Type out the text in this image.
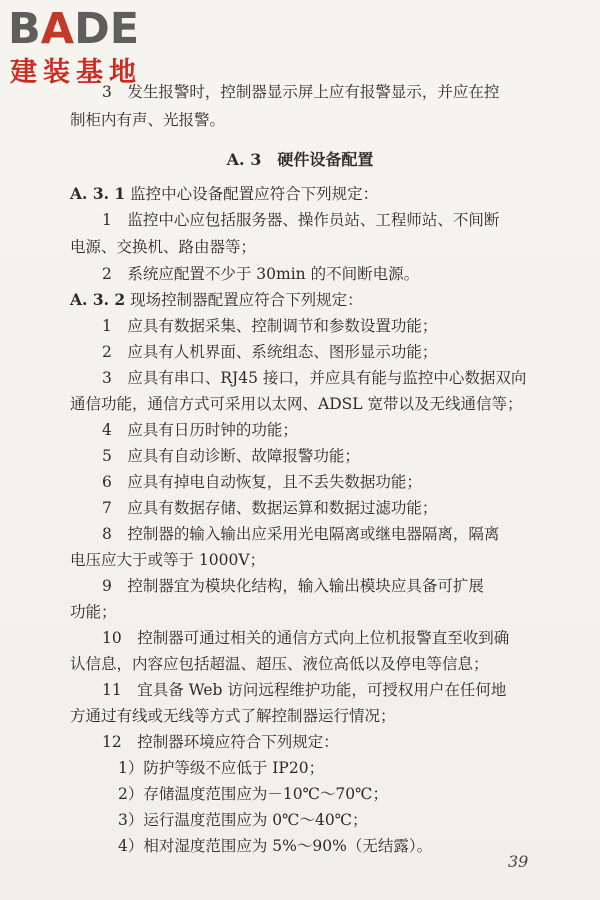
BADE
建装基地
3　发生报警时，控制器显示屏上应有报警显示，并应在控
制柜内有声、光报警。
A. 3　硬件设备配置
A. 3. 1 监控中心设备配置应符合下列规定：
1　监控中心应包括服务器、操作员站、工程师站、不间断
电源、交换机、路由器等；
2　系统应配置不少于 30min 的不间断电源。
A. 3. 2 现场控制器配置应符合下列规定：
1　应具有数据采集、控制调节和参数设置功能；
2　应具有人机界面、系统组态、图形显示功能；
3　应具有串口、RJ45 接口，并应具有能与监控中心数据双向
通信功能，通信方式可采用以太网、ADSL 宽带以及无线通信等；
4　应具有日历时钟的功能；
5　应具有自动诊断、故障报警功能；
6　应具有掉电自动恢复，且不丢失数据功能；
7　应具有数据存储、数据运算和数据过滤功能；
8　控制器的输入输出应采用光电隔离或继电器隔离，隔离
电压应大于或等于 1000V；
9　控制器宜为模块化结构，输入输出模块应具备可扩展
功能；
10　控制器可通过相关的通信方式向上位机报警直至收到确
认信息，内容应包括超温、超压、液位高低以及停电等信息；
11　宜具备 Web 访问远程维护功能，可授权用户在任何地
方通过有线或无线等方式了解控制器运行情况；
12　控制器环境应符合下列规定：
1）防护等级不应低于 IP20；
2）存储温度范围应为－10℃～70℃；
3）运行温度范围应为 0℃～40℃；
4）相对湿度范围应为 5%～90%（无结露）。
39
